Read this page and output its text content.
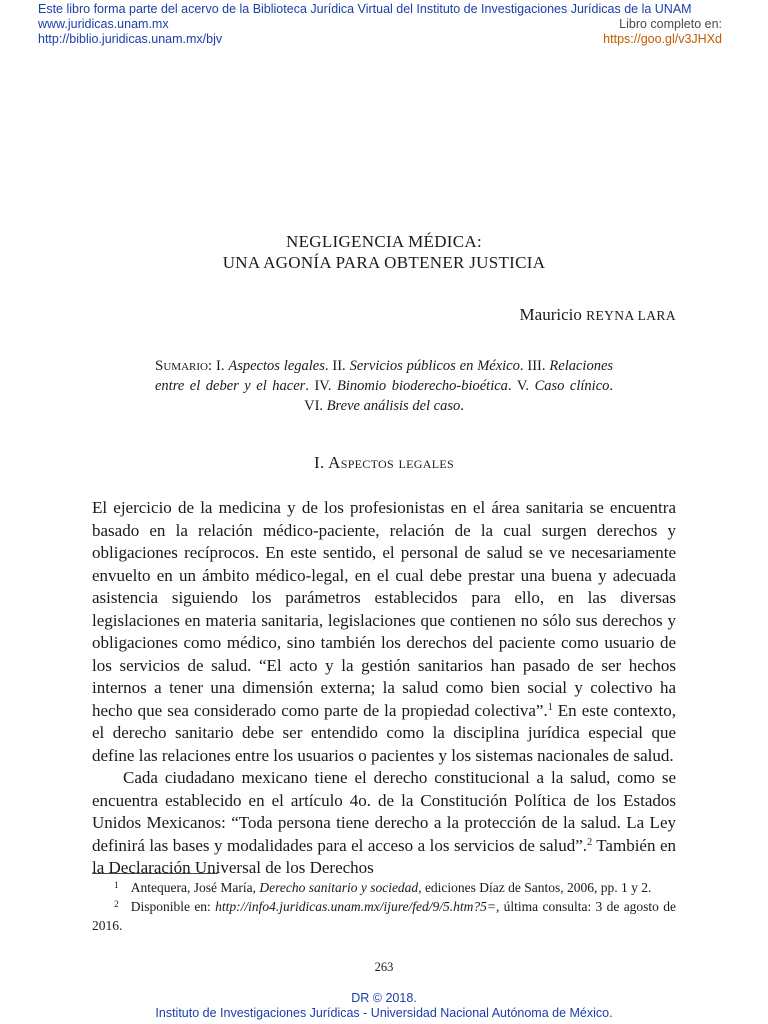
Este libro forma parte del acervo de la Biblioteca Jurídica Virtual del Instituto de Investigaciones Jurídicas de la UNAM
www.juridicas.unam.mx
http://biblio.juridicas.unam.mx/bjv
Libro completo en:
https://goo.gl/v3JHXd
NEGLIGENCIA MÉDICA:
UNA AGONÍA PARA OBTENER JUSTICIA
Mauricio REYNA LARA
Sumario: I. Aspectos legales. II. Servicios públicos en México. III. Relaciones entre el deber y el hacer. IV. Binomio bioderecho-bioética. V. Caso clínico. VI. Breve análisis del caso.
I. Aspectos legales

El ejercicio de la medicina y de los profesionistas en el área sanitaria se encuentra basado en la relación médico-paciente, relación de la cual surgen derechos y obligaciones recíprocos. En este sentido, el personal de salud se ve necesariamente envuelto en un ámbito médico-legal, en el cual debe prestar una buena y adecuada asistencia siguiendo los parámetros establecidos para ello, en las diversas legislaciones en materia sanitaria, legislaciones que contienen no sólo sus derechos y obligaciones como médico, sino también los derechos del paciente como usuario de los servicios de salud. “El acto y la gestión sanitarios han pasado de ser hechos internos a tener una dimensión externa; la salud como bien social y colectivo ha hecho que sea considerado como parte de la propiedad colectiva”.$^1$ En este contexto, el derecho sanitario debe ser entendido como la disciplina jurídica especial que define las relaciones entre los usuarios o pacientes y los sistemas nacionales de salud.

Cada ciudadano mexicano tiene el derecho constitucional a la salud, como se encuentra establecido en el artículo 4o. de la Constitución Política de los Estados Unidos Mexicanos: “Toda persona tiene derecho a la protección de la salud. La Ley definirá las bases y modalidades para el acceso a los servicios de salud”.$^2$ También en la Declaración Universal de los Derechos

$^1$ Antequera, José María, Derecho sanitario y sociedad, ediciones Díaz de Santos, 2006, pp. 1 y 2.

$^2$ Disponible en: http://info4.juridicas.unam.mx/ijure/fed/9/5.htm?5=, última consulta: 3 de agosto de 2016.

263
DR © 2018.
Instituto de Investigaciones Jurídicas - Universidad Nacional Autónoma de México.
